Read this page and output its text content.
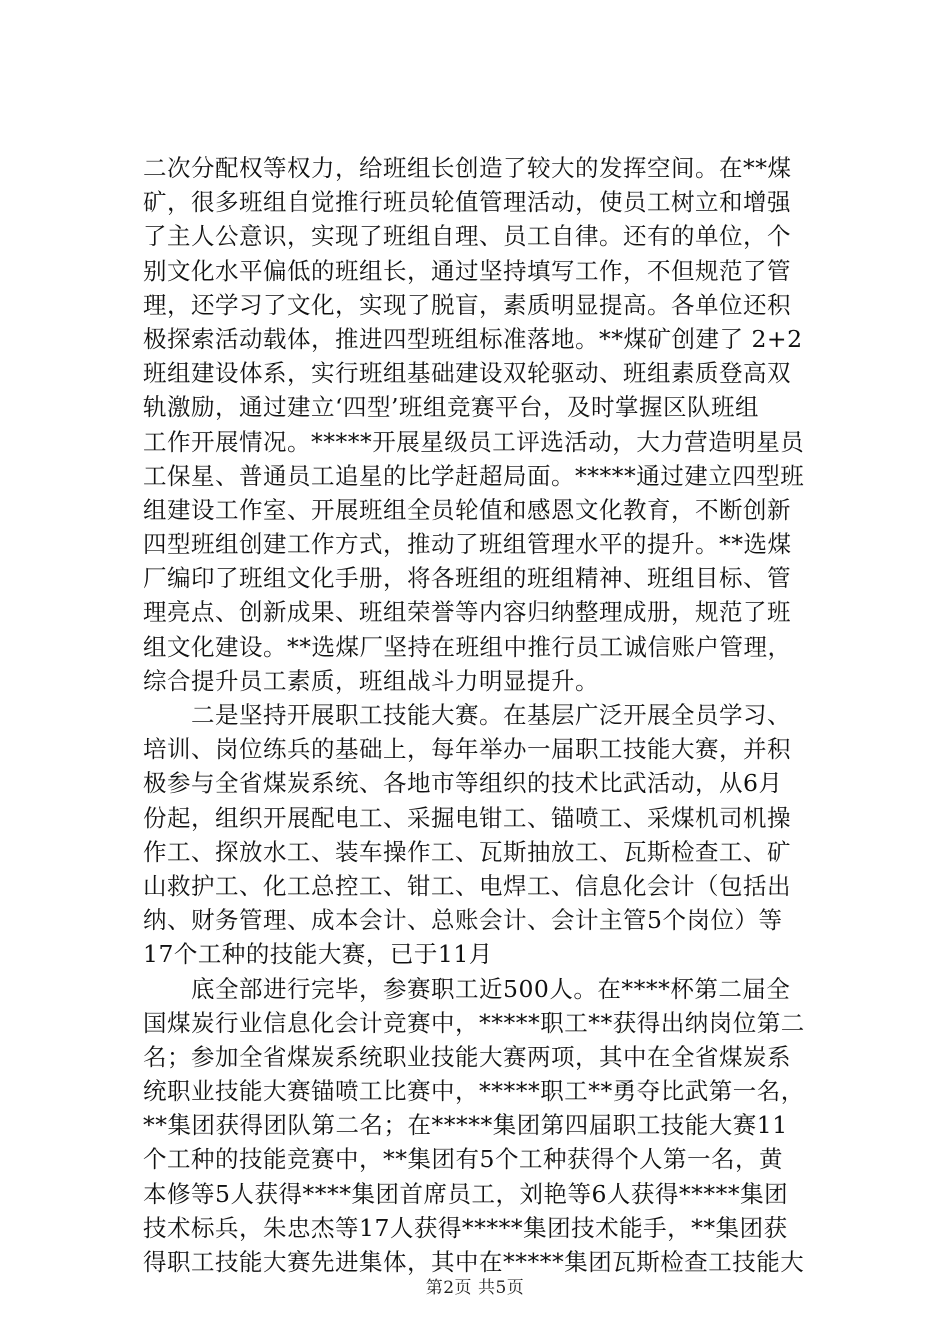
二次分配权等权力，给班组长创造了较大的发挥空间。在**煤
矿，很多班组自觉推行班员轮值管理活动，使员工树立和增强
了主人公意识，实现了班组自理、员工自律。还有的单位，个
别文化水平偏低的班组长，通过坚持填写工作，不但规范了管
理，还学习了文化，实现了脱盲，素质明显提高。各单位还积
极探索活动载体，推进四型班组标准落地。**煤矿创建了 2+2
班组建设体系，实行班组基础建设双轮驱动、班组素质登高双
轨激励，通过建立‘四型’班组竞赛平台，及时掌握区队班组
工作开展情况。*****开展星级员工评选活动，大力营造明星员
工保星、普通员工追星的比学赶超局面。*****通过建立四型班
组建设工作室、开展班组全员轮值和感恩文化教育，不断创新
四型班组创建工作方式，推动了班组管理水平的提升。**选煤
厂编印了班组文化手册，将各班组的班组精神、班组目标、管
理亮点、创新成果、班组荣誉等内容归纳整理成册，规范了班
组文化建设。**选煤厂坚持在班组中推行员工诚信账户管理，
综合提升员工素质，班组战斗力明显提升。
　　二是坚持开展职工技能大赛。在基层广泛开展全员学习、
培训、岗位练兵的基础上，每年举办一届职工技能大赛，并积
极参与全省煤炭系统、各地市等组织的技术比武活动，从6月
份起，组织开展配电工、采掘电钳工、锚喷工、采煤机司机操
作工、探放水工、装车操作工、瓦斯抽放工、瓦斯检查工、矿
山救护工、化工总控工、钳工、电焊工、信息化会计（包括出
纳、财务管理、成本会计、总账会计、会计主管5个岗位）等
17个工种的技能大赛，已于11月
　　底全部进行完毕，参赛职工近500人。在****杯第二届全
国煤炭行业信息化会计竞赛中，*****职工**获得出纳岗位第二
名；参加全省煤炭系统职业技能大赛两项，其中在全省煤炭系
统职业技能大赛锚喷工比赛中，*****职工**勇夺比武第一名，
**集团获得团队第二名；在*****集团第四届职工技能大赛11
个工种的技能竞赛中，**集团有5个工种获得个人第一名，黄
本修等5人获得****集团首席员工，刘艳等6人获得*****集团
技术标兵，朱忠杰等17人获得*****集团技术能手，**集团获
得职工技能大赛先进集体，其中在*****集团瓦斯检查工技能大
第2页 共5页
